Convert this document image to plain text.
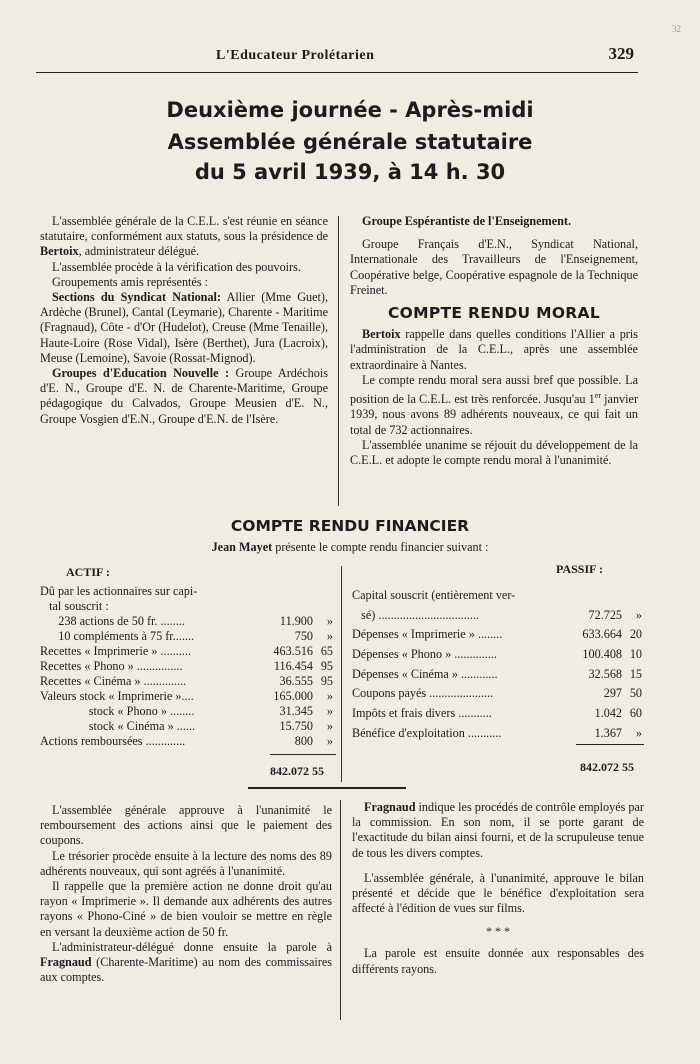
32
L'Educateur Prolétarien	329
Deuxième journée - Après-midi
Assemblée générale statutaire
du 5 avril 1939, à 14 h. 30

L'assemblée générale de la C.E.L. s'est réunie en séance statutaire, conformément aux statuts, sous la présidence de Bertoix, administrateur délégué.

L'assemblée procède à la vérification des pouvoirs.

Groupements amis représentés :

Sections du Syndicat National: Allier (Mme Guet), Ardèche (Brunel), Cantal (Leymarie), Charente - Maritime (Fragnaud), Côte - d'Or (Hudelot), Creuse (Mme Tenaille), Haute-Loire (Rose Vidal), Isère (Berthet), Jura (Lacroix), Meuse (Lemoine), Savoie (Rossat-Mignod).

Groupes d'Education Nouvelle : Groupe Ardéchois d'E. N., Groupe d'E. N. de Charente-Maritime, Groupe pédagogique du Calvados, Groupe Meusien d'E. N., Groupe Vosgien d'E.N., Groupe d'E.N. de l'Isère.

Groupe Espérantiste de l'Enseignement.

Groupe Français d'E.N., Syndicat National, Internationale des Travailleurs de l'Enseignement, Coopérative belge, Coopérative espagnole de la Technique Freinet.

COMPTE RENDU MORAL

Bertoix rappelle dans quelles conditions l'Allier a pris l'administration de la C.E.L., après une assemblée extraordinaire à Nantes.

Le compte rendu moral sera aussi bref que possible. La position de la C.E.L. est très renforcée. Jusqu'au 1er janvier 1939, nous avons 89 adhérents nouveaux, ce qui fait un total de 732 actionnaires.

L'assemblée unanime se réjouit du développement de la C.E.L. et adopte le compte rendu moral à l'unanimité.

COMPTE RENDU FINANCIER
Jean Mayet présente le compte rendu financier suivant :
ACTIF :	PASSIF :
Dû par les actionnaires sur capi-
tal souscrit :
238 actions de 50 fr. ........	11.900 »
10 compléments à 75 fr.......	750 »
Recettes « Imprimerie » ..........	463.516 65
Recettes « Phono » ...............	116.454 95
Recettes « Cinéma » ..............	36.555 95
Valeurs stock « Imprimerie »....	165.000 »
stock « Phono » ........	31.345 »
stock « Cinéma » ......	15.750 »
Actions remboursées .............	800 »
842.072 55
Capital souscrit (entièrement ver-
sé) .................................	72.725 »
Dépenses « Imprimerie » ........	633.664 20
Dépenses « Phono » ..............	100.408 10
Dépenses « Cinéma » ............	32.568 15
Coupons payés .....................	297 50
Impôts et frais divers ...........	1.042 60
Bénéfice d'exploitation ...........	1.367 »
842.072 55

L'assemblée générale approuve à l'unanimité le remboursement des actions ainsi que le paiement des coupons.

Le trésorier procède ensuite à la lecture des noms des 89 adhérents nouveaux, qui sont agréés à l'unanimité.

Il rappelle que la première action ne donne droit qu'au rayon « Imprimerie ». Il demande aux adhérents des autres rayons « Phono-Ciné » de bien vouloir se mettre en règle en versant la deuxième action de 50 fr.

L'administrateur-délégué donne ensuite la parole à Fragnaud (Charente-Maritime) au nom des commissaires aux comptes.

Fragnaud indique les procédés de contrôle employés par la commission. En son nom, il se porte garant de l'exactitude du bilan ainsi fourni, et de la scrupuleuse tenue de tous les divers comptes.

L'assemblée générale, à l'unanimité, approuve le bilan présenté et décide que le bénéfice d'exploitation sera affecté à l'édition de vues sur films.

* * *

La parole est ensuite donnée aux responsables des différents rayons.
